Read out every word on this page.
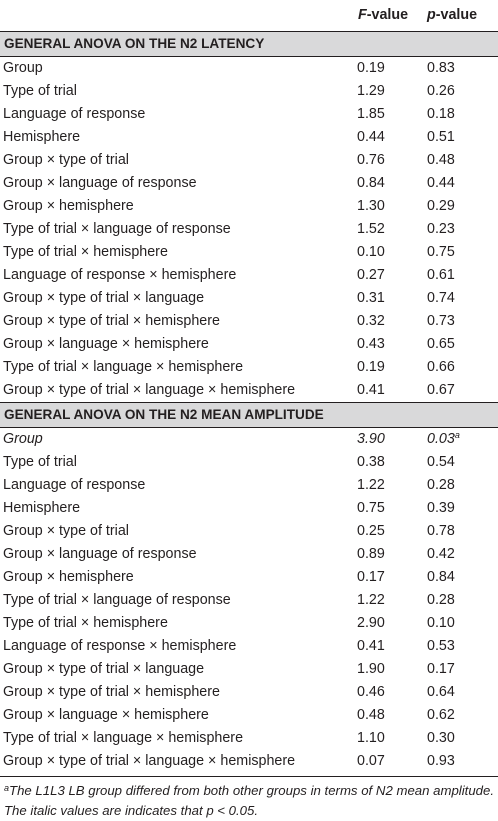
	F-value	p-value
GENERAL ANOVA ON THE N2 LATENCY		
Group	0.19	0.83
Type of trial	1.29	0.26
Language of response	1.85	0.18
Hemisphere	0.44	0.51
Group × type of trial	0.76	0.48
Group × language of response	0.84	0.44
Group × hemisphere	1.30	0.29
Type of trial × language of response	1.52	0.23
Type of trial × hemisphere	0.10	0.75
Language of response × hemisphere	0.27	0.61
Group × type of trial × language	0.31	0.74
Group × type of trial × hemisphere	0.32	0.73
Group × language × hemisphere	0.43	0.65
Type of trial × language × hemisphere	0.19	0.66
Group × type of trial × language × hemisphere	0.41	0.67
GENERAL ANOVA ON THE N2 MEAN AMPLITUDE		
Group	3.90	0.03$^a$
Type of trial	0.38	0.54
Language of response	1.22	0.28
Hemisphere	0.75	0.39
Group × type of trial	0.25	0.78
Group × language of response	0.89	0.42
Group × hemisphere	0.17	0.84
Type of trial × language of response	1.22	0.28
Type of trial × hemisphere	2.90	0.10
Language of response × hemisphere	0.41	0.53
Group × type of trial × language	1.90	0.17
Group × type of trial × hemisphere	0.46	0.64
Group × language × hemisphere	0.48	0.62
Type of trial × language × hemisphere	1.10	0.30
Group × type of trial × language × hemisphere	0.07	0.93
$^a$The L1L3 LB group differed from both other groups in terms of N2 mean amplitude. The italic values are indicates that p < 0.05.
